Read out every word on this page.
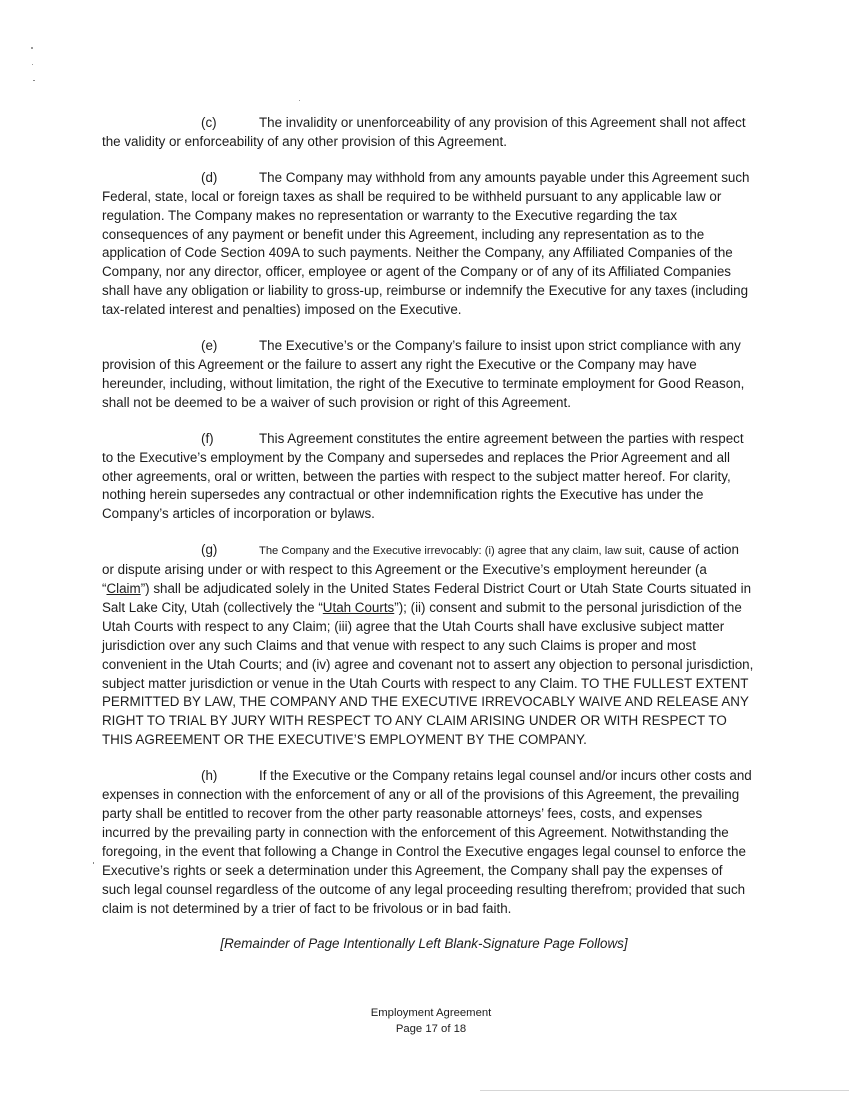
(c)	The invalidity or unenforceability of any provision of this Agreement shall not affect the validity or enforceability of any other provision of this Agreement.

(d)	The Company may withhold from any amounts payable under this Agreement such Federal, state, local or foreign taxes as shall be required to be withheld pursuant to any applicable law or regulation. The Company makes no representation or warranty to the Executive regarding the tax consequences of any payment or benefit under this Agreement, including any representation as to the application of Code Section 409A to such payments. Neither the Company, any Affiliated Companies of the Company, nor any director, officer, employee or agent of the Company or of any of its Affiliated Companies shall have any obligation or liability to gross-up, reimburse or indemnify the Executive for any taxes (including tax-related interest and penalties) imposed on the Executive.

(e)	The Executive’s or the Company’s failure to insist upon strict compliance with any provision of this Agreement or the failure to assert any right the Executive or the Company may have hereunder, including, without limitation, the right of the Executive to terminate employment for Good Reason, shall not be deemed to be a waiver of such provision or right of this Agreement.

(f)	This Agreement constitutes the entire agreement between the parties with respect to the Executive’s employment by the Company and supersedes and replaces the Prior Agreement and all other agreements, oral or written, between the parties with respect to the subject matter hereof. For clarity, nothing herein supersedes any contractual or other indemnification rights the Executive has under the Company’s articles of incorporation or bylaws.

(g)	The Company and the Executive irrevocably: (i) agree that any claim, law suit, cause of action or dispute arising under or with respect to this Agreement or the Executive’s employment hereunder (a “Claim”) shall be adjudicated solely in the United States Federal District Court or Utah State Courts situated in Salt Lake City, Utah (collectively the “Utah Courts”); (ii) consent and submit to the personal jurisdiction of the Utah Courts with respect to any Claim; (iii) agree that the Utah Courts shall have exclusive subject matter jurisdiction over any such Claims and that venue with respect to any such Claims is proper and most convenient in the Utah Courts; and (iv) agree and covenant not to assert any objection to personal jurisdiction, subject matter jurisdiction or venue in the Utah Courts with respect to any Claim. TO THE FULLEST EXTENT PERMITTED BY LAW, THE COMPANY AND THE EXECUTIVE IRREVOCABLY WAIVE AND RELEASE ANY RIGHT TO TRIAL BY JURY WITH RESPECT TO ANY CLAIM ARISING UNDER OR WITH RESPECT TO THIS AGREEMENT OR THE EXECUTIVE’S EMPLOYMENT BY THE COMPANY.

(h)	If the Executive or the Company retains legal counsel and/or incurs other costs and expenses in connection with the enforcement of any or all of the provisions of this Agreement, the prevailing party shall be entitled to recover from the other party reasonable attorneys’ fees, costs, and expenses incurred by the prevailing party in connection with the enforcement of this Agreement. Notwithstanding the foregoing, in the event that following a Change in Control the Executive engages legal counsel to enforce the Executive’s rights or seek a determination under this Agreement, the Company shall pay the expenses of such legal counsel regardless of the outcome of any legal proceeding resulting therefrom; provided that such claim is not determined by a trier of fact to be frivolous or in bad faith.

[Remainder of Page Intentionally Left Blank-Signature Page Follows]

Employment Agreement
Page 17 of 18
